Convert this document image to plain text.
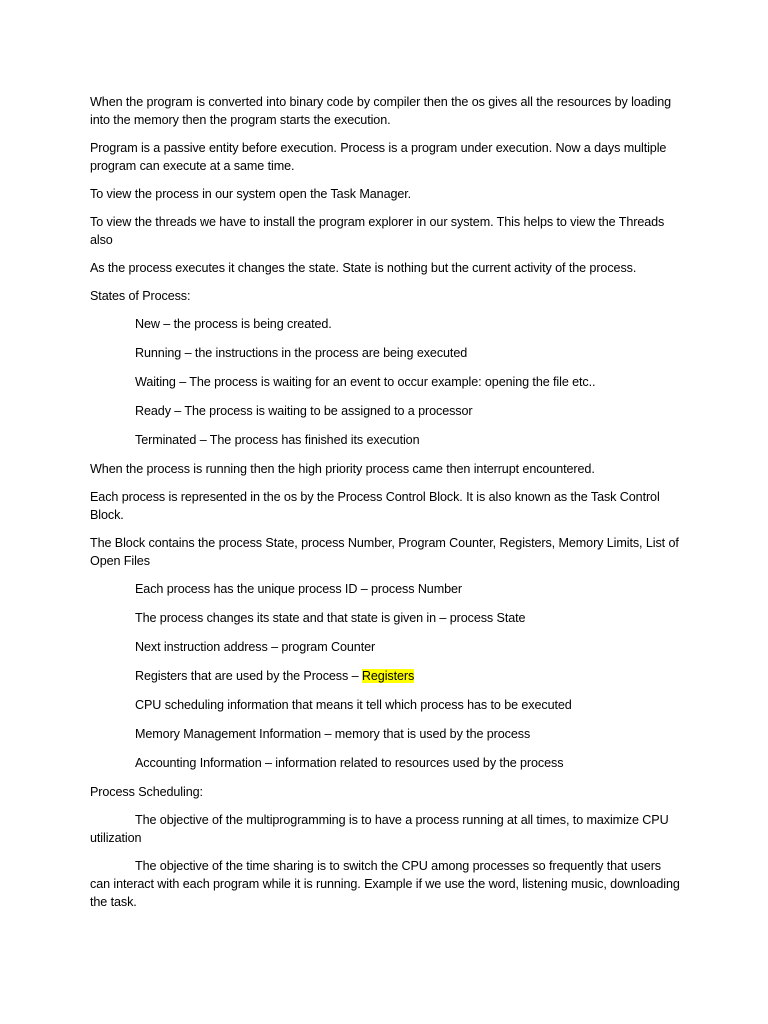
When the program is converted into binary code by compiler then the os gives all the resources by loading into the memory then the program starts the execution.

Program is a passive entity before execution. Process is a program under execution. Now a days multiple program can execute at a same time.

To view the process in our system open the Task Manager.

To view the threads we have to install the program explorer in our system. This helps to view the Threads also

As the process executes it changes the state. State is nothing but the current activity of the process.

States of Process:

New – the process is being created.

Running – the instructions in the process are being executed

Waiting – The process is waiting for an event to occur example: opening the file etc..

Ready – The process is waiting to be assigned to a processor

Terminated – The process has finished its execution

When the process is running then the high priority process came then interrupt encountered.

Each process is represented in the os by the Process Control Block. It is also known as the Task Control Block.

The Block contains the process State, process Number, Program Counter, Registers, Memory Limits, List of Open Files

Each process has the unique process ID – process Number

The process changes its state and that state is given in – process State

Next instruction address – program Counter

Registers that are used by the Process – Registers

CPU scheduling information that means it tell which process has to be executed

Memory Management Information – memory that is used by the process

Accounting Information – information related to resources used by the process

Process Scheduling:

The objective of the multiprogramming is to have a process running at all times, to maximize CPU utilization

The objective of the time sharing is to switch the CPU among processes so frequently that users can interact with each program while it is running. Example if we use the word, listening music, downloading the task.
